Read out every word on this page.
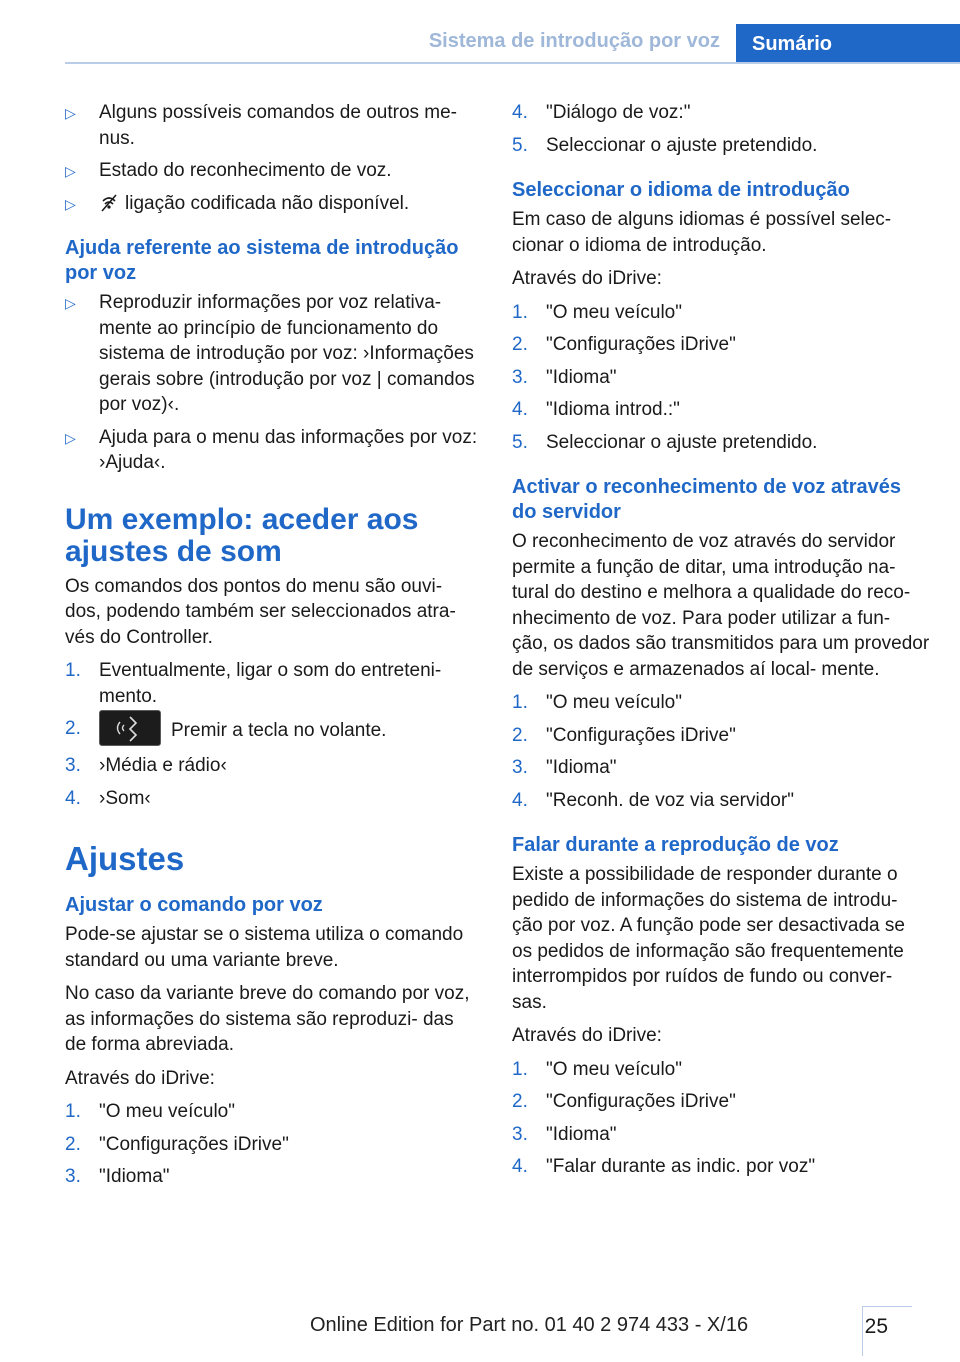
Sistema de introdução por voz	Sumário
▷ Alguns possíveis comandos de outros me‐ nus.
▷ Estado do reconhecimento de voz.
▷	ligação codificada não disponível.
Ajuda referente ao sistema de introdução por voz
▷ Reproduzir informações por voz relativa‐ mente ao princípio de funcionamento do sistema de introdução por voz: ›Informações gerais sobre (introdução por voz | comandos por voz)‹.
▷ Ajuda para o menu das informações por voz: ›Ajuda‹.
Um exemplo: aceder aos ajustes de som

Os comandos dos pontos do menu são ouvi‐ dos, podendo também ser seleccionados atra‐ vés do Controller.

1. Eventualmente, ligar o som do entreteni‐ mento.
2.	Premir a tecla no volante.
3. ›Média e rádio‹
4. ›Som‹
Ajustes
Ajustar o comando por voz

Pode-se ajustar se o sistema utiliza o comando standard ou uma variante breve.

No caso da variante breve do comando por voz, as informações do sistema são reproduzi‐ das de forma abreviada.

Através do iDrive:

1. "O meu veículo"
2. "Configurações iDrive"
3. "Idioma"
4. "Diálogo de voz:"
5. Seleccionar o ajuste pretendido.
Seleccionar o idioma de introdução

Em caso de alguns idiomas é possível selec‐ cionar o idioma de introdução.

Através do iDrive:

1. "O meu veículo"
2. "Configurações iDrive"
3. "Idioma"
4. "Idioma introd.:"
5. Seleccionar o ajuste pretendido.
Activar o reconhecimento de voz através do servidor

O reconhecimento de voz através do servidor permite a função de ditar, uma introdução na‐ tural do destino e melhora a qualidade do reco‐ nhecimento de voz. Para poder utilizar a fun‐ ção, os dados são transmitidos para um provedor de serviços e armazenados aí local‐ mente.

1. "O meu veículo"
2. "Configurações iDrive"
3. "Idioma"
4. "Reconh. de voz via servidor"
Falar durante a reprodução de voz

Existe a possibilidade de responder durante o pedido de informações do sistema de introdu‐ ção por voz. A função pode ser desactivada se os pedidos de informação são frequentemente interrompidos por ruídos de fundo ou conver‐ sas.

Através do iDrive:

1. "O meu veículo"
2. "Configurações iDrive"
3. "Idioma"
4. "Falar durante as indic. por voz"
25
Online Edition for Part no. 01 40 2 974 433 - X/16
